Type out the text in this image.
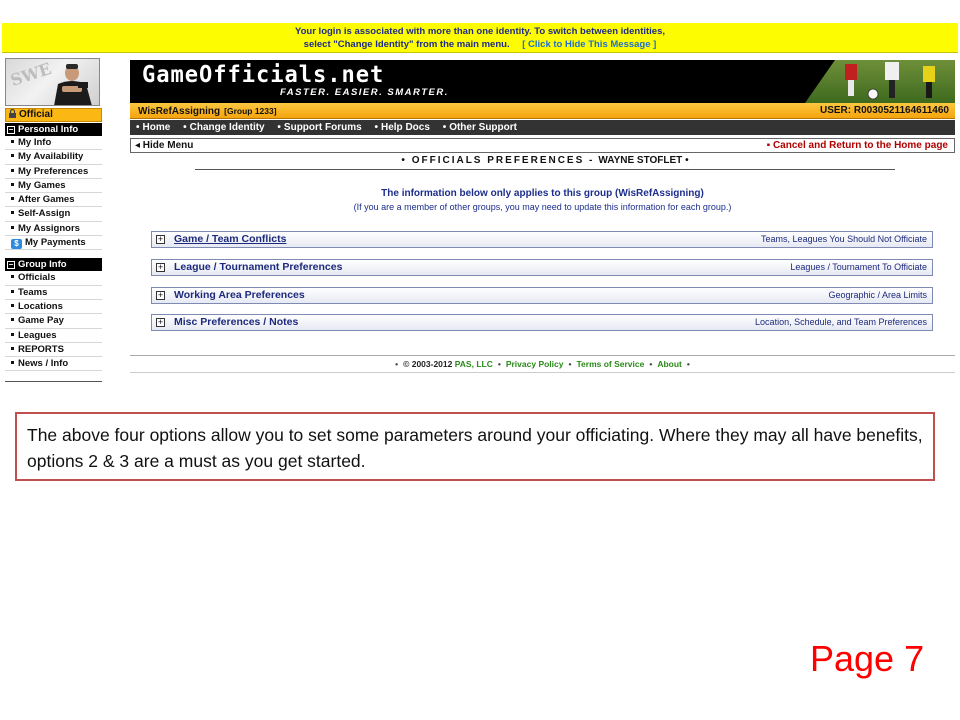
Your login is associated with more than one identity. To switch between identities,
select "Change Identity" from the main menu. [ Click to Hide This Message ]
SWE
Official
− Personal Info
My Info
My Availability
My Preferences
My Games
After Games
Self-Assign
My Assignors
$ My Payments
− Group Info
Officials
Teams
Locations
Game Pay
Leagues
REPORTS
News / Info
GameOfficials.net
FASTER. EASIER. SMARTER.
WisRefAssigning [Group 1233]	USER: R0030521164611460
• Home • Change Identity • Support Forums • Help Docs • Other Support
◂ Hide Menu	▪ Cancel and Return to the Home page
• OFFICIALS PREFERENCES - WAYNE STOFLET •
The information below only applies to this group (WisRefAssigning)
(If you are a member of other groups, you may need to update this information for each group.)
+ Game / Team Conflicts	Teams, Leagues You Should Not Officiate
+ League / Tournament Preferences	Leagues / Tournament To Officiate
+ Working Area Preferences	Geographic / Area Limits
+ Misc Preferences / Notes	Location, Schedule, and Team Preferences
• © 2003-2012 PAS, LLC • Privacy Policy • Terms of Service • About •
The above four options allow you to set some parameters around your officiating. Where they may all have benefits, options 2 & 3 are a must as you get started.
Page 7
